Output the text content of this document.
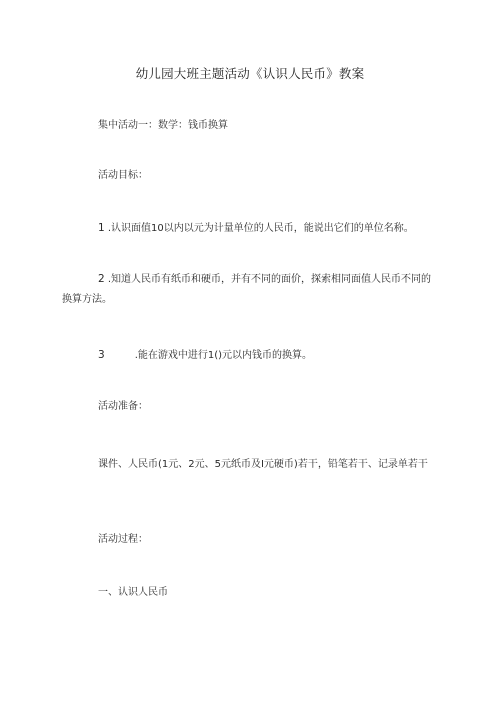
幼儿园大班主题活动《认识人民币》教案
集中活动一：数学：钱币换算
活动目标：
1 .认识面值10以内以元为计量单位的人民币，能说出它们的单位名称。
2 .知道人民币有纸币和硬币，并有不同的面价，探索相同面值人民币不同的换算方法。
3	.能在游戏中进行1()元以内钱币的换算。
活动准备：
课件、人民币(1元、2元、5元纸币及I元硬币)若干，铅笔若干、记录单若干
活动过程：
一、认识人民币
